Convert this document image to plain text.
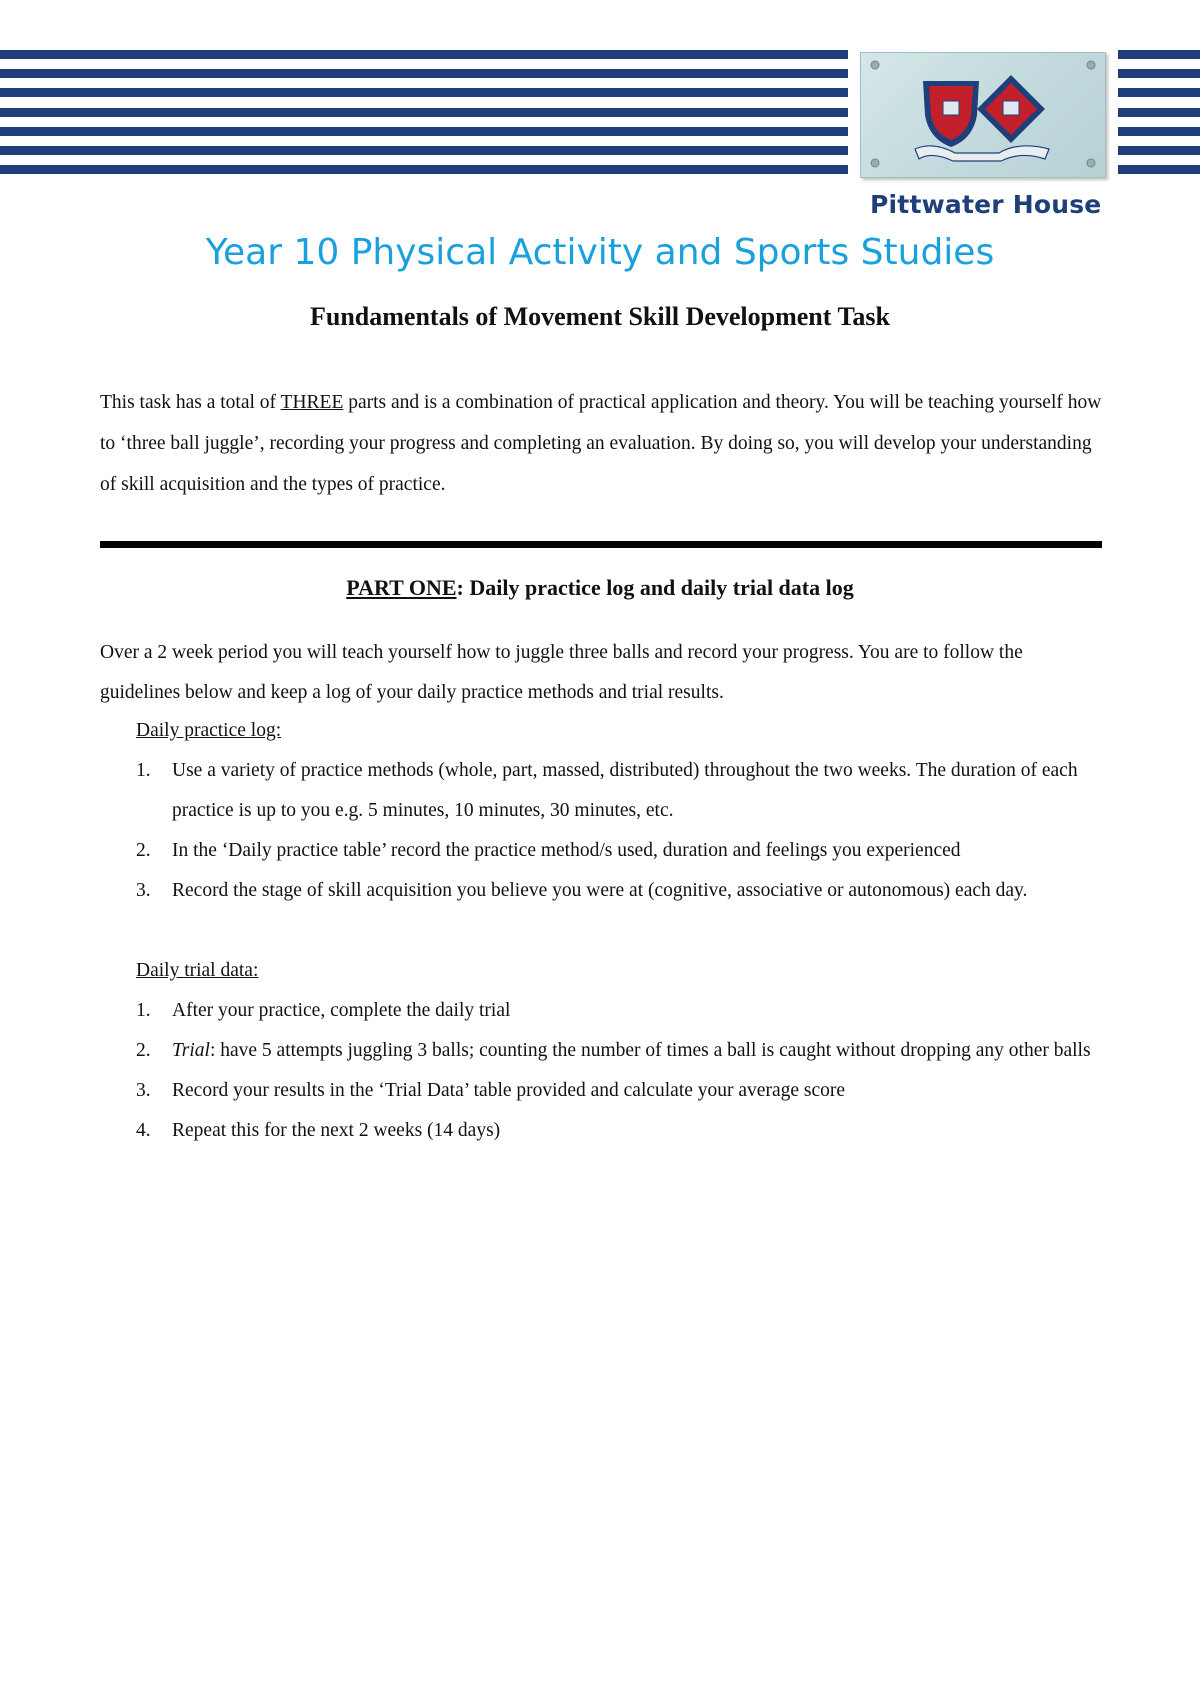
Pittwater House
Year 10 Physical Activity and Sports Studies
Fundamentals of Movement Skill Development Task
This task has a total of THREE parts and is a combination of practical application and theory. You will be teaching yourself how to ‘three ball juggle’, recording your progress and completing an evaluation. By doing so, you will develop your understanding of skill acquisition and the types of practice.
PART ONE: Daily practice log and daily trial data log
Over a 2 week period you will teach yourself how to juggle three balls and record your progress. You are to follow the guidelines below and keep a log of your daily practice methods and trial results.
Daily practice log:
1. Use a variety of practice methods (whole, part, massed, distributed) throughout the two weeks. The duration of each practice is up to you e.g. 5 minutes, 10 minutes, 30 minutes, etc.
2. In the ‘Daily practice table’ record the practice method/s used, duration and feelings you experienced
3. Record the stage of skill acquisition you believe you were at (cognitive, associative or autonomous) each day.
Daily trial data:
1. After your practice, complete the daily trial
2. Trial: have 5 attempts juggling 3 balls; counting the number of times a ball is caught without dropping any other balls
3. Record your results in the ‘Trial Data’ table provided and calculate your average score
4. Repeat this for the next 2 weeks (14 days)
